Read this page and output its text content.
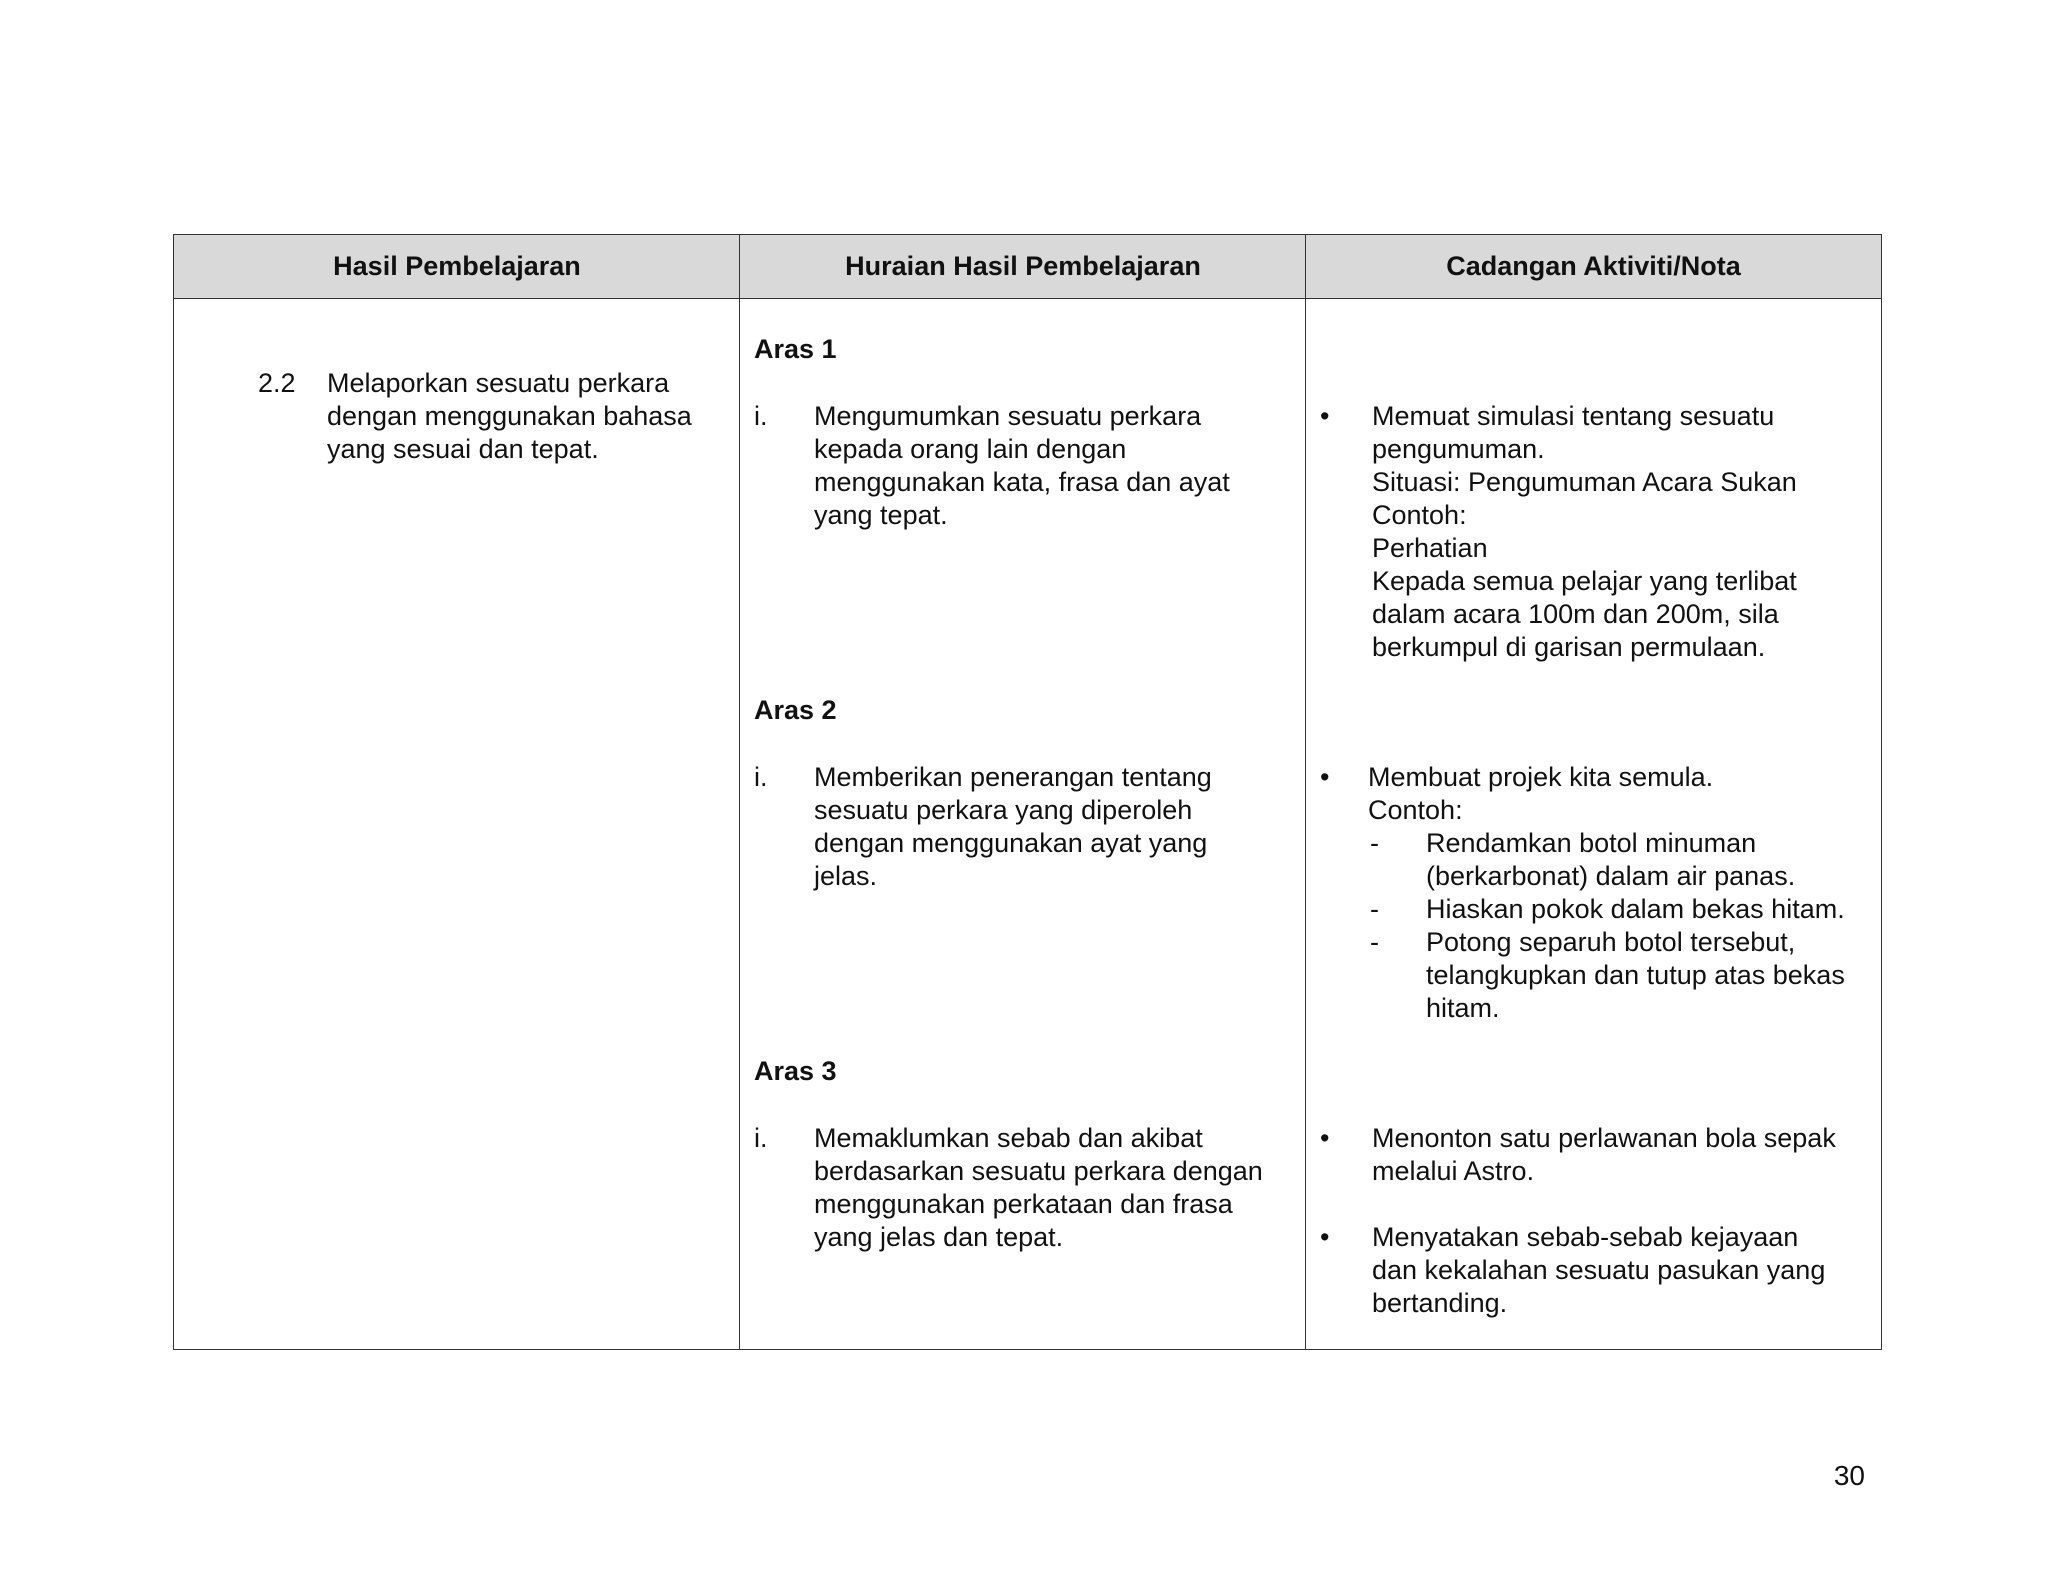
Hasil Pembelajaran	Huraian Hasil Pembelajaran	Cadangan Aktiviti/Nota
2.2 Melaporkan sesuatu perkara
dengan menggunakan bahasa
yang sesuai dan tepat.
Aras 1
i. Mengumumkan sesuatu perkara
kepada orang lain dengan
menggunakan kata, frasa dan ayat
yang tepat.
Aras 2
i. Memberikan penerangan tentang
sesuatu perkara yang diperoleh
dengan menggunakan ayat yang
jelas.
Aras 3
i. Memaklumkan sebab dan akibat
berdasarkan sesuatu perkara dengan
menggunakan perkataan dan frasa
yang jelas dan tepat.
• Memuat simulasi tentang sesuatu
pengumuman.
Situasi: Pengumuman Acara Sukan
Contoh:
Perhatian
Kepada semua pelajar yang terlibat
dalam acara 100m dan 200m, sila
berkumpul di garisan permulaan.
• Membuat projek kita semula.
Contoh:
- Rendamkan botol minuman
(berkarbonat) dalam air panas.
- Hiaskan pokok dalam bekas hitam.
- Potong separuh botol tersebut,
telangkupkan dan tutup atas bekas
hitam.
• Menonton satu perlawanan bola sepak
melalui Astro.
• Menyatakan sebab-sebab kejayaan
dan kekalahan sesuatu pasukan yang
bertanding.
30
